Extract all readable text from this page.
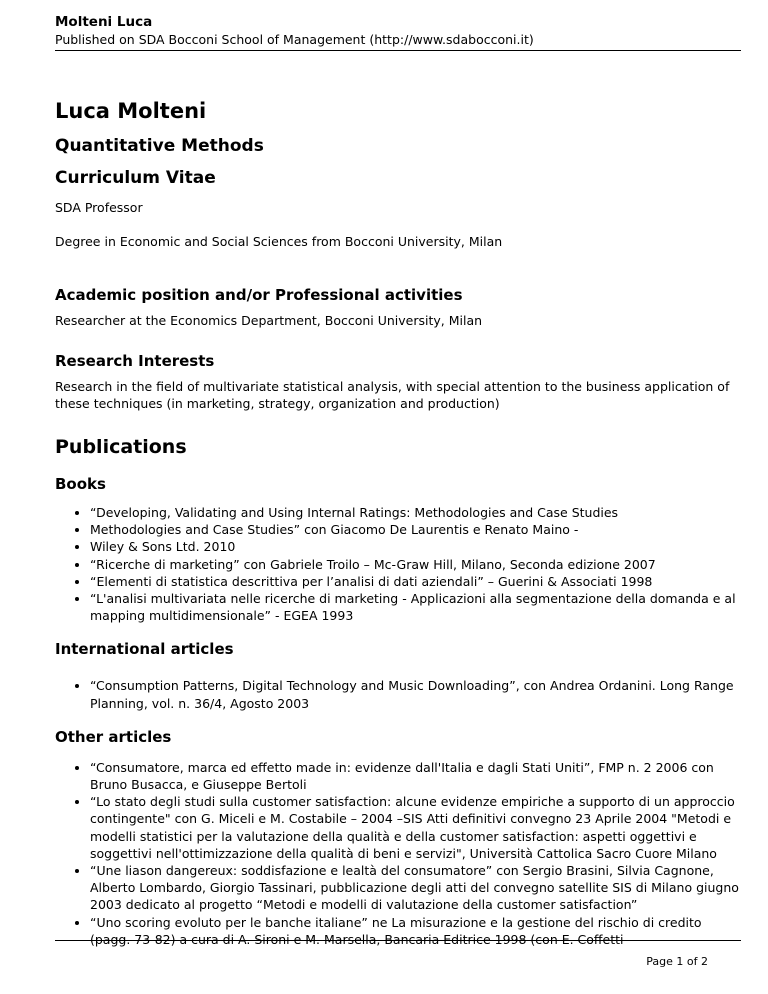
Molteni Luca
Published on SDA Bocconi School of Management (http://www.sdabocconi.it)
Luca Molteni
Quantitative Methods
Curriculum Vitae

SDA Professor

Degree in Economic and Social Sciences from Bocconi University, Milan

Academic position and/or Professional activities

Researcher at the Economics Department, Bocconi University, Milan

Research Interests

Research in the field of multivariate statistical analysis, with special attention to the business application of these techniques (in marketing, strategy, organization and production)

Publications
Books
• “Developing, Validating and Using Internal Ratings: Methodologies and Case Studies
• Methodologies and Case Studies” con Giacomo De Laurentis e Renato Maino -
• Wiley & Sons Ltd. 2010
• “Ricerche di marketing” con Gabriele Troilo – Mc-Graw Hill, Milano, Seconda edizione 2007
• “Elementi di statistica descrittiva per l’analisi di dati aziendali” – Guerini & Associati 1998
• “L'analisi multivariata nelle ricerche di marketing - Applicazioni alla segmentazione della domanda e al mapping multidimensionale” - EGEA 1993
International articles
• “Consumption Patterns, Digital Technology and Music Downloading”, con Andrea Ordanini. Long Range Planning, vol. n. 36/4, Agosto 2003
Other articles
• “Consumatore, marca ed effetto made in: evidenze dall'Italia e dagli Stati Uniti”, FMP n. 2 2006 con Bruno Busacca, e Giuseppe Bertoli
• “Lo stato degli studi sulla customer satisfaction: alcune evidenze empiriche a supporto di un approccio contingente" con G. Miceli e M. Costabile – 2004 –SIS Atti definitivi convegno 23 Aprile 2004 "Metodi e modelli statistici per la valutazione della qualità e della customer satisfaction: aspetti oggettivi e soggettivi nell'ottimizzazione della qualità di beni e servizi", Università Cattolica Sacro Cuore Milano
• “Une liason dangereux: soddisfazione e lealtà del consumatore” con Sergio Brasini, Silvia Cagnone, Alberto Lombardo, Giorgio Tassinari, pubblicazione degli atti del convegno satellite SIS di Milano giugno 2003 dedicato al progetto “Metodi e modelli di valutazione della customer satisfaction”
• “Uno scoring evoluto per le banche italiane” ne La misurazione e la gestione del rischio di credito (pagg. 73-82) a cura di A. Sironi e M. Marsella, Bancaria Editrice 1998 (con E. Coffetti
Page 1 of 2
